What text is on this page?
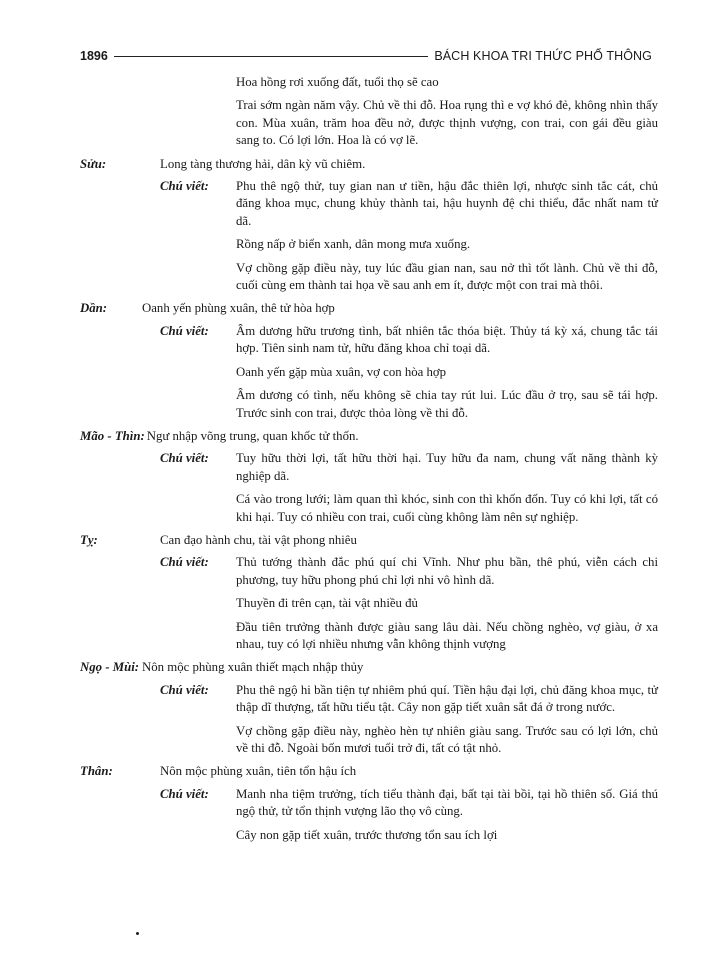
1896	BÁCH KHOA TRI THỨC PHỔ THÔNG
Hoa hồng rơi xuống đất, tuổi thọ sẽ cao
Trai sớm ngàn năm vậy. Chủ về thi đỗ. Hoa rụng thì e vợ khó đẻ, không nhìn thấy con. Mùa xuân, trăm hoa đều nở, được thịnh vượng, con trai, con gái đều giàu sang to. Có lợi lớn. Hoa là có vợ lẽ.
Sửu:	Long tàng thương hải, dân kỳ vũ chiêm.
Chú viết:	Phu thê ngộ thử, tuy gian nan ư tiền, hậu đắc thiên lợi, nhược sinh tắc cát, chủ đăng khoa mục, chung khủy thành tai, hậu huynh đệ chi thiểu, đắc nhất nam tử dã.
Rồng nấp ở biển xanh, dân mong mưa xuống.
Vợ chồng gặp điều này, tuy lúc đầu gian nan, sau nở thì tốt lành. Chủ về thi đỗ, cuối cùng em thành tai họa về sau anh em ít, được một con trai mà thôi.
Dần:	Oanh yến phùng xuân, thê tử hòa hợp
Chú viết:	Âm dương hữu trương tình, bất nhiên tắc thóa biệt. Thủy tá kỳ xá, chung tắc tái hợp. Tiên sinh nam tử, hữu đăng khoa chỉ toại dã.
Oanh yến gặp mùa xuân, vợ con hòa hợp
Âm dương có tình, nếu không sẽ chia tay rút lui. Lúc đầu ở trọ, sau sẽ tái hợp. Trước sinh con trai, được thỏa lòng về thi đỗ.
Mão - Thìn: Ngư nhập võng trung, quan khốc tử thốn.
Chú viết:	Tuy hữu thời lợi, tất hữu thời hại. Tuy hữu đa nam, chung vất năng thành kỳ nghiệp dã.
Cá vào trong lưới; làm quan thì khóc, sinh con thì khốn đốn. Tuy có khi lợi, tất có khi hại. Tuy có nhiều con trai, cuối cùng không làm nên sự nghiệp.
Tỵ:	Can đạo hành chu, tài vật phong nhiêu
Chú viết:	Thủ tướng thành đắc phú quí chi Vĩnh. Như phu bần, thê phú, viễn cách chi phương, tuy hữu phong phú chỉ lợi nhi vô hình dã.
Thuyền đi trên cạn, tài vật nhiều đủ
Đầu tiên trưởng thành được giàu sang lâu dài. Nếu chồng nghèo, vợ giàu, ở xa nhau, tuy có lợi nhiều nhưng vẫn không thịnh vượng
Ngọ - Mùi: Nôn mộc phùng xuân thiết mạch nhập thủy
Chú viết:	Phu thê ngộ hi bần tiện tự nhiêm phú quí. Tiền hậu đại lợi, chủ đăng khoa mục, tử thập dĩ thượng, tất hữu tiểu tật. Cây non gặp tiết xuân sắt đá ở trong nước.
Vợ chồng gặp điều này, nghèo hèn tự nhiên giàu sang. Trước sau có lợi lớn, chủ về thi đỗ. Ngoài bốn mươi tuổi trở đi, tất có tật nhỏ.
Thân:	Nôn mộc phùng xuân, tiên tổn hậu ích
Chú viết:	Manh nha tiệm trưởng, tích tiểu thành đại, bất tại tài bồi, tại hồ thiên số. Giá thú ngộ thử, tử tổn thịnh vượng lão thọ vô cùng.
Cây non gặp tiết xuân, trước thương tổn sau ích lợi
